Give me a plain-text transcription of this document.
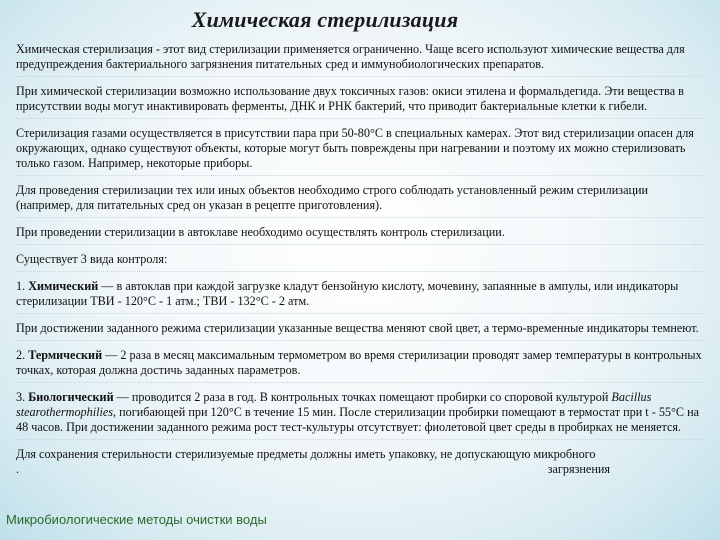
Химическая стерилизация

Химическая стерилизация - этот вид стерилизации применяется ограниченно. Чаще всего используют химические вещества для предупреждения бактериального загрязнения питательных сред и иммунобиологических препаратов.

При химической стерилизации возможно использование двух токсичных газов: окиси этилена и формальдегида. Эти вещества в присутствии воды могут инактивировать ферменты, ДНК и РНК бактерий, что приводит бактериальные клетки к гибели.

Стерилизация газами осуществляется в присутствии пара при 50-80°С в специальных камерах. Этот вид стерилизации опасен для окружающих, однако существуют объекты, которые могут быть повреждены при нагревании и поэтому их можно стерилизовать только газом. Например, некоторые приборы.

Для проведения стерилизации тех или иных объектов необходимо строго соблюдать установленный режим стерилизации (например, для питательных сред он указан в рецепте приготовления).

При проведении стерилизации в автоклаве необходимо осуществлять контроль стерилизации.

Существует 3 вида контроля:

1. Химический — в автоклав при каждой загрузке кладут бензойную кислоту, мочевину, запаянные в ампулы, или индикаторы стерилизации ТВИ - 120°С - 1 атм.; ТВИ - 132°С - 2 атм.

При достижении заданного режима стерилизации указанные вещества меняют свой цвет, а термо-временные индикаторы темнеют.

2. Термический — 2 раза в месяц максимальным термометром во время стерилизации проводят замер температуры в контрольных точках, которая должна достичь заданных параметров.

3. Биологический — проводится 2 раза в год. В контрольных точках помещают пробирки со споровой культурой Bacillus stearothermophilies, погибающей при 120°С в течение 15 мин. После стерилизации пробирки помещают в термостат при t - 55°С на 48 часов. При достижении заданного режима рост тест-культуры отсутствует: фиолетовой цвет среды в пробирках не меняется.

Для сохранения стерильности стерилизуемые предметы должны иметь упаковку, не допускающую микробного
.	загрязнения
Микробиологические методы очистки воды
